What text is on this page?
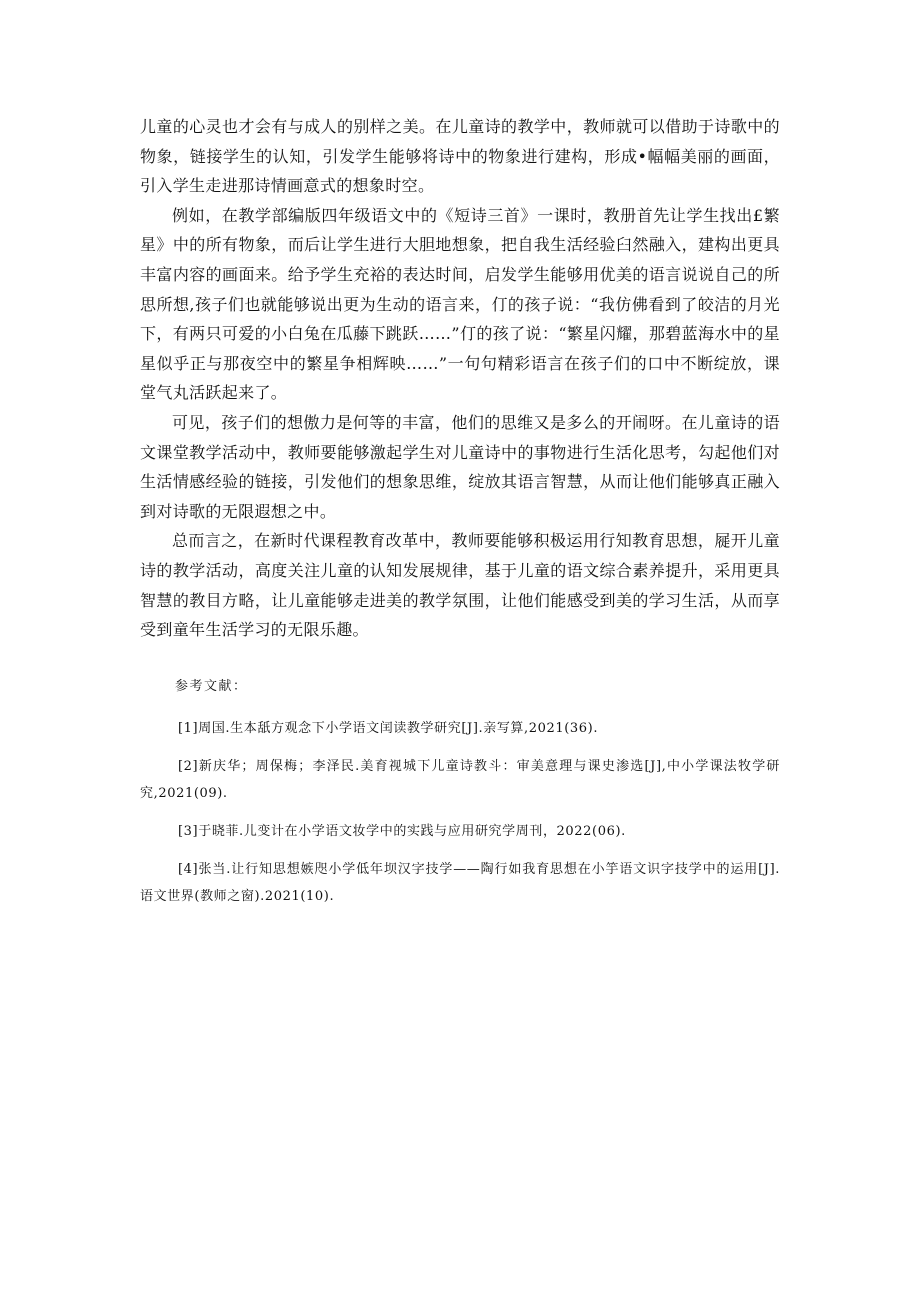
儿童的心灵也才会有与成人的别样之美。在儿童诗的教学中，教师就可以借助于诗歌中的物象，链接学生的认知，引发学生能够将诗中的物象进行建构，形成•幅幅美丽的画面，引入学生走进那诗情画意式的想象时空。

例如，在教学部编版四年级语文中的《短诗三首》一课时，教册首先让学生找出£繁星》中的所有物象，而后让学生进行大胆地想象，把自我生活经验臼然融入，建构出更具丰富内容的画面来。给予学生充裕的表达时间，启发学生能够用优美的语言说说自己的所思所想,孩子们也就能够说出更为生动的语言来，仃的孩子说：“我仿佛看到了皎洁的月光下，有两只可爱的小白兔在瓜藤下跳跃……”仃的孩了说：“繁星闪耀，那碧蓝海水中的星星似乎正与那夜空中的繁星争相辉映……”一句句精彩语言在孩子们的口中不断绽放，课堂气丸活跃起来了。

可见，孩子们的想傲力是何等的丰富，他们的思维又是多么的开闹呀。在儿童诗的语文课堂教学活动中，教师要能够激起学生对儿童诗中的事物进行生活化思考，勾起他们对生活情感经验的链接，引发他们的想象思维，绽放其语言智慧，从而让他们能够真正融入到对诗歌的无限遐想之中。

总而言之，在新时代课程教育改革中，教师要能够积极运用行知教育思想，屣开儿童诗的教学活动，高度关注儿童的认知发展规律，基于儿童的语文综合素养提升，采用更具智慧的教目方略，让儿童能够走进美的教学氛围，让他们能感受到美的学习生活，从而享受到童年生活学习的无限乐趣。

参考文献：
[1]周国.生本舐方观念下小学语文闰读教学研究[J].亲写算,2021(36).
[2]新庆华；周保梅；李泽民.美育视城下儿童诗教斗：审美意理与课史渗选[J],中小学课法牧学研究,2021(09).
[3]于晓菲.儿变计在小学语文妆学中的实践与应用研究学周刊，2022(06).
[4]张当.让行知思想嫉咫小学低年坝汉字技学——陶行如我育思想在小竽语文识字技学中的运用[J].语文世界(教师之窗).2021(10).
